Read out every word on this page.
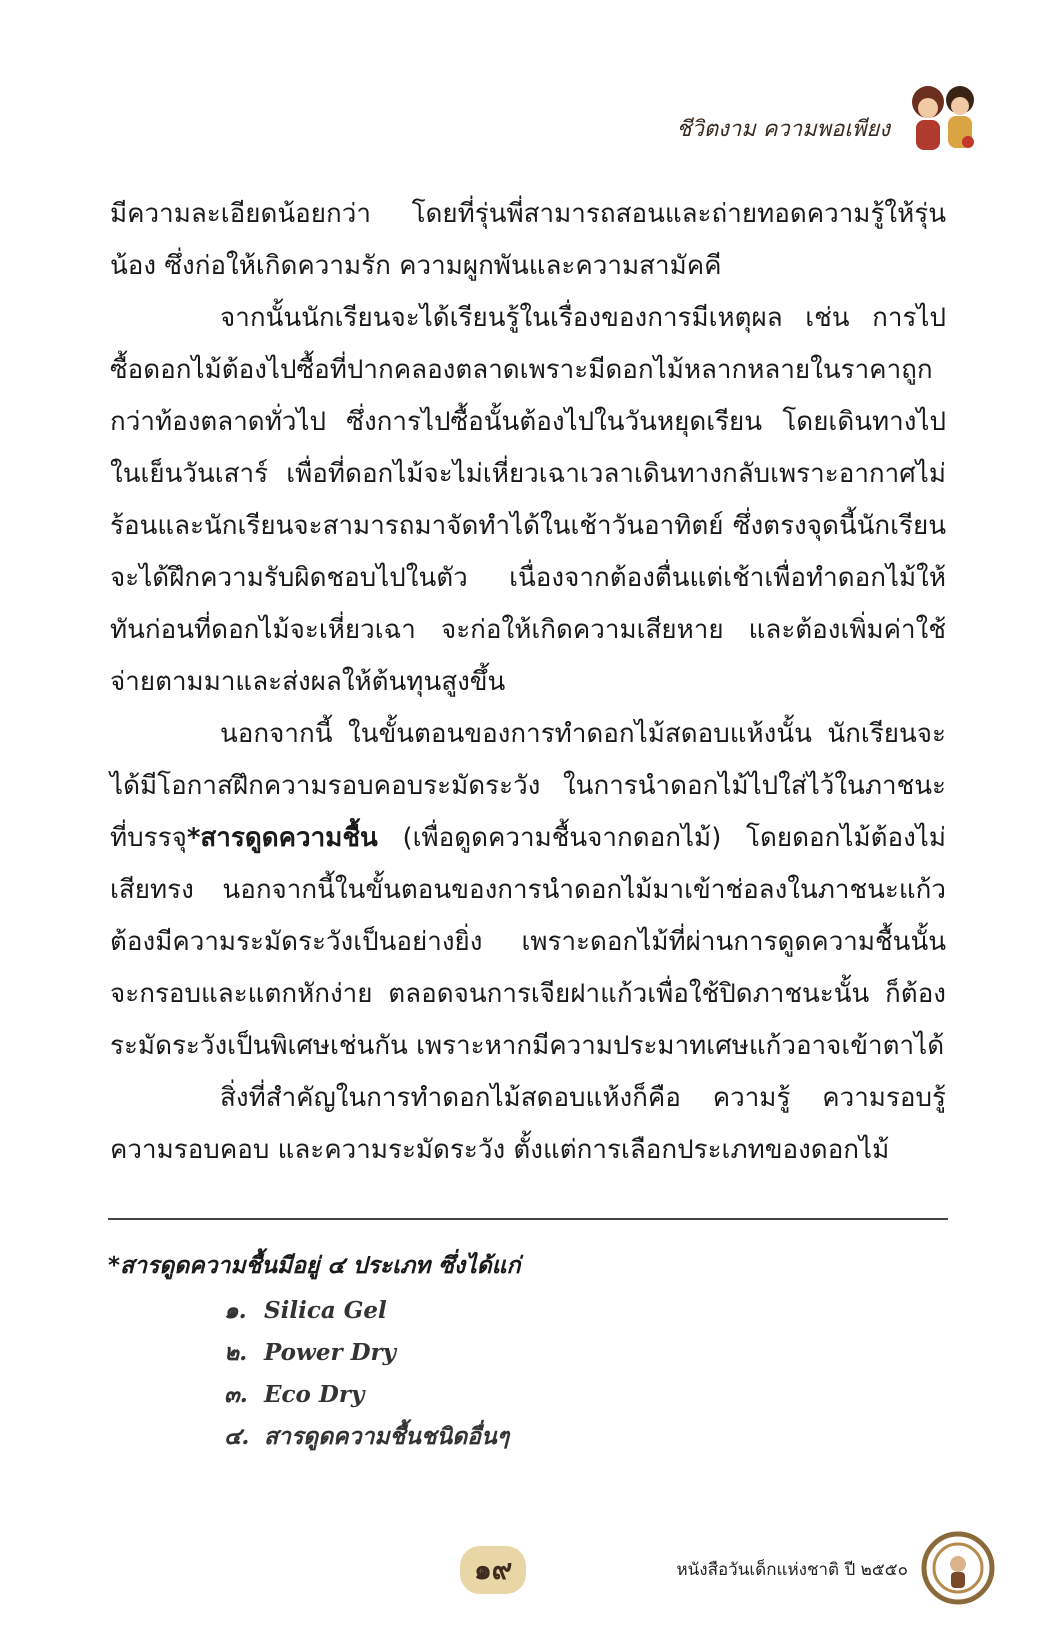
ชีวิตงาม ความพอเพียง

มีความละเอียดน้อยกว่า โดยที่รุ่นพี่สามารถสอนและถ่ายทอดความรู้ให้รุ่นน้อง ซึ่งก่อให้เกิดความรัก ความผูกพันและความสามัคคี

จากนั้นนักเรียนจะได้เรียนรู้ในเรื่องของการมีเหตุผล เช่น การไปซื้อดอกไม้ต้องไปซื้อที่ปากคลองตลาดเพราะมีดอกไม้หลากหลายในราคาถูกกว่าท้องตลาดทั่วไป ซึ่งการไปซื้อนั้นต้องไปในวันหยุดเรียน โดยเดินทางไปในเย็นวันเสาร์ เพื่อที่ดอกไม้จะไม่เหี่ยวเฉาเวลาเดินทางกลับเพราะอากาศไม่ร้อนและนักเรียนจะสามารถมาจัดทำได้ในเช้าวันอาทิตย์ ซึ่งตรงจุดนี้นักเรียนจะได้ฝึกความรับผิดชอบไปในตัว เนื่องจากต้องตื่นแต่เช้าเพื่อทำดอกไม้ให้ทันก่อนที่ดอกไม้จะเหี่ยวเฉา จะก่อให้เกิดความเสียหาย และต้องเพิ่มค่าใช้จ่ายตามมาและส่งผลให้ต้นทุนสูงขึ้น

นอกจากนี้ ในขั้นตอนของการทำดอกไม้สดอบแห้งนั้น นักเรียนจะได้มีโอกาสฝึกความรอบคอบระมัดระวัง ในการนำดอกไม้ไปใส่ไว้ในภาชนะที่บรรจุ*สารดูดความชื้น (เพื่อดูดความชื้นจากดอกไม้) โดยดอกไม้ต้องไม่เสียทรง นอกจากนี้ในขั้นตอนของการนำดอกไม้มาเข้าช่อลงในภาชนะแก้ว ต้องมีความระมัดระวังเป็นอย่างยิ่ง เพราะดอกไม้ที่ผ่านการดูดความชื้นนั้น จะกรอบและแตกหักง่าย ตลอดจนการเจียฝาแก้วเพื่อใช้ปิดภาชนะนั้น ก็ต้องระมัดระวังเป็นพิเศษเช่นกัน เพราะหากมีความประมาทเศษแก้วอาจเข้าตาได้

สิ่งที่สำคัญในการทำดอกไม้สดอบแห้งก็คือ ความรู้ ความรอบรู้ ความรอบคอบ และความระมัดระวัง ตั้งแต่การเลือกประเภทของดอกไม้

*สารดูดความชื้นมีอยู่ ๔ ประเภท ซึ่งได้แก่
๑. Silica Gel
๒. Power Dry
๓. Eco Dry
๔. สารดูดความชื้นชนิดอื่นๆ
๑๙	หนังสือวันเด็กแห่งชาติ ปี ๒๕๕๐
